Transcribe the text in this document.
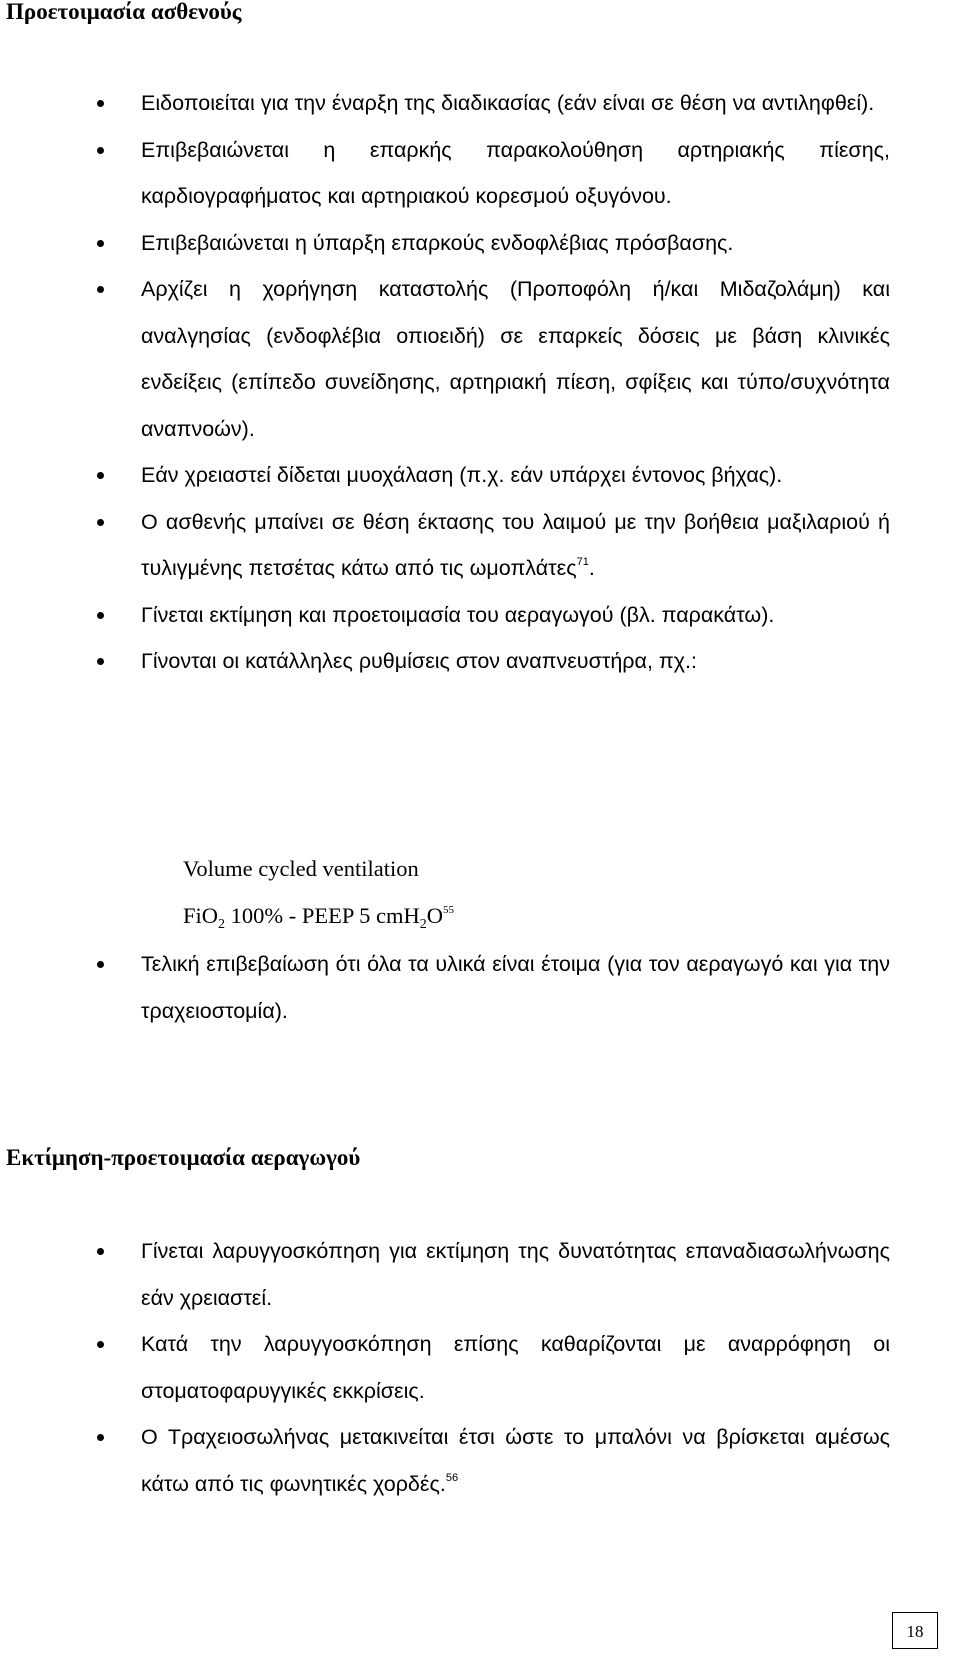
Προετοιμασία ασθενούς
Ειδοποιείται για την έναρξη της διαδικασίας (εάν είναι σε θέση να αντιληφθεί).
Επιβεβαιώνεται η επαρκής παρακολούθηση αρτηριακής πίεσης, καρδιογραφήματος και αρτηριακού κορεσμού οξυγόνου.
Επιβεβαιώνεται η ύπαρξη επαρκούς ενδοφλέβιας πρόσβασης.
Αρχίζει η χορήγηση καταστολής (Προποφόλη ή/και Μιδαζολάμη) και αναλγησίας (ενδοφλέβια οπιοειδή) σε επαρκείς δόσεις με βάση κλινικές ενδείξεις (επίπεδο συνείδησης, αρτηριακή πίεση, σφίξεις και τύπο/συχνότητα αναπνοών).
Εάν χρειαστεί δίδεται μυοχάλαση (π.χ. εάν υπάρχει έντονος βήχας).
Ο ασθενής μπαίνει σε θέση έκτασης του λαιμού με την βοήθεια μαξιλαριού ή τυλιγμένης πετσέτας κάτω από τις ωμοπλάτες$^{71}$.
Γίνεται εκτίμηση και προετοιμασία του αεραγωγού (βλ. παρακάτω).
Γίνονται οι κατάλληλες ρυθμίσεις στον αναπνευστήρα, πχ.:
Volume cycled ventilation
FiO$_2$ 100% - PEEP 5 cmH$_2$O$^{55}$
Τελική επιβεβαίωση ότι όλα τα υλικά είναι έτοιμα (για τον αεραγωγό και για την τραχειοστομία).
Εκτίμηση-προετοιμασία αεραγωγού
Γίνεται λαρυγγοσκόπηση για εκτίμηση της δυνατότητας επαναδιασωλήνωσης εάν χρειαστεί.
Κατά την λαρυγγοσκόπηση επίσης καθαρίζονται με αναρρόφηση οι στοματοφαρυγγικές εκκρίσεις.
Ο Τραχειοσωλήνας μετακινείται έτσι ώστε το μπαλόνι να βρίσκεται αμέσως κάτω από τις φωνητικές χορδές.$^{56}$
18
